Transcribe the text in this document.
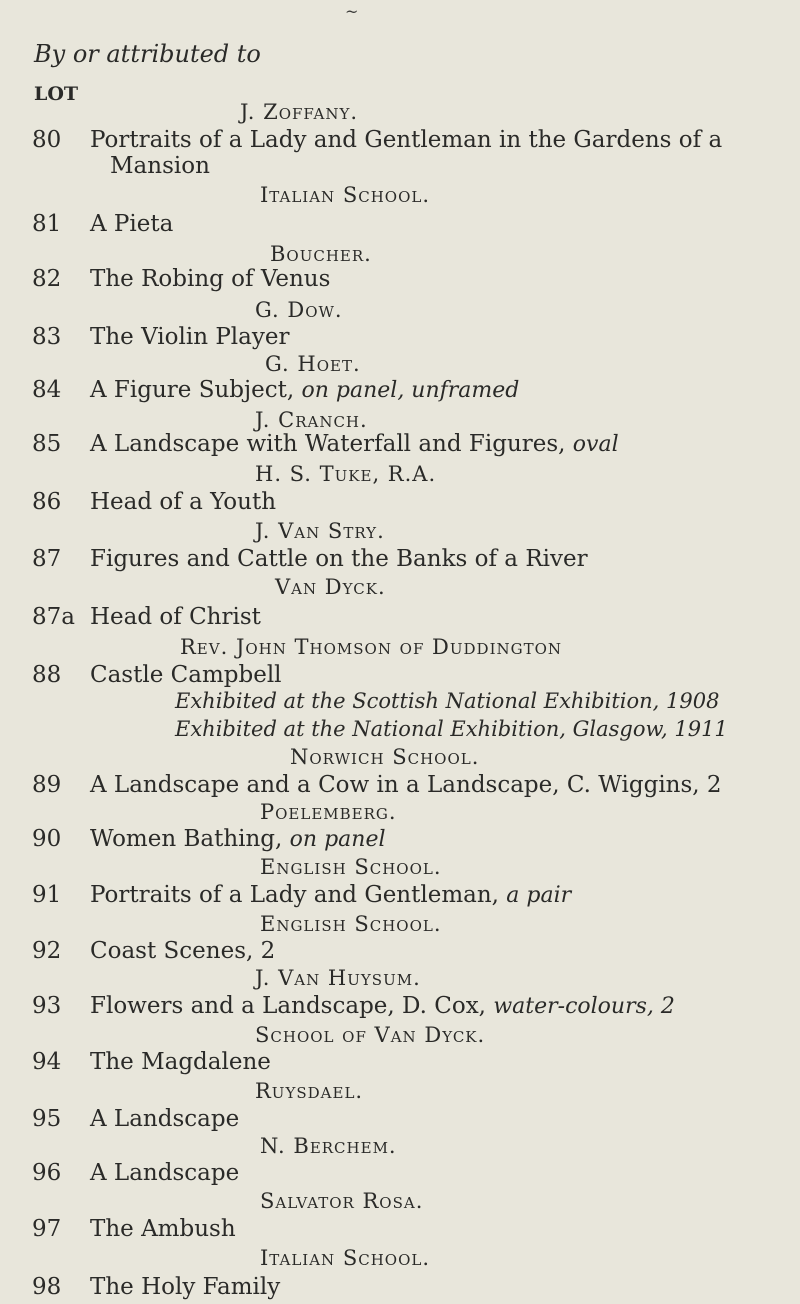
~
By or attributed to
LOT
J. Zoffany.
80 Portraits of a Lady and Gentleman in the Gardens of a
Mansion
Italian School.
81 A Pieta
Boucher.
82 The Robing of Venus
G. Dow.
83 The Violin Player
G. Hoet.
84 A Figure Subject, on panel, unframed
J. Cranch.
85 A Landscape with Waterfall and Figures, oval
H. S. Tuke, R.A.
86 Head of a Youth
J. Van Stry.
87 Figures and Cattle on the Banks of a River
Van Dyck.
87a Head of Christ
Rev. John Thomson of Duddington
88 Castle Campbell
Exhibited at the Scottish National Exhibition, 1908
Exhibited at the National Exhibition, Glasgow, 1911
Norwich School.
89 A Landscape and a Cow in a Landscape, C. Wiggins, 2
Poelemberg.
90 Women Bathing, on panel
English School.
91 Portraits of a Lady and Gentleman, a pair
English School.
92 Coast Scenes, 2
J. Van Huysum.
93 Flowers and a Landscape, D. Cox, water-colours, 2
School of Van Dyck.
94 The Magdalene
Ruysdael.
95 A Landscape
N. Berchem.
96 A Landscape
Salvator Rosa.
97 The Ambush
Italian School.
98 The Holy Family
